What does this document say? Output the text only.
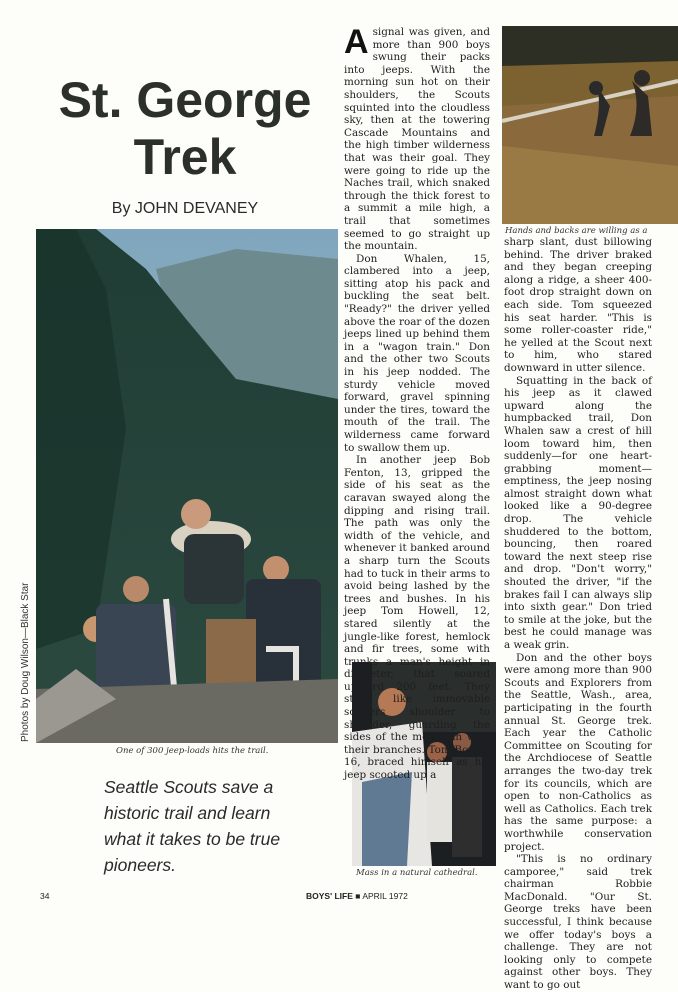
St. George Trek
By JOHN DEVANEY
One of 300 jeep-loads hits the trail.
Photos by Doug Wilson—Black Star
Hands and backs are willing as a
Mass in a natural cathedral.
Seattle Scouts save a historic trail and learn what it takes to be true pioneers.

Asignal was given, and more than 900 boys swung their packs into jeeps. With the morning sun hot on their shoulders, the Scouts squinted into the cloudless sky, then at the towering Cascade Mountains and the high timber wilderness that was their goal. They were going to ride up the Naches trail, which snaked through the thick forest to a summit a mile high, a trail that sometimes seemed to go straight up the mountain.

Don Whalen, 15, clambered into a jeep, sitting atop his pack and buckling the seat belt. "Ready?" the driver yelled above the roar of the dozen jeeps lined up behind them in a "wagon train." Don and the other two Scouts in his jeep nodded. The sturdy vehicle moved forward, gravel spinning under the tires, toward the mouth of the trail. The wilderness came forward to swallow them up.

In another jeep Bob Fenton, 13, gripped the side of his seat as the caravan swayed along the dipping and rising trail. The path was only the width of the vehicle, and whenever it banked around a sharp turn the Scouts had to tuck in their arms to avoid being lashed by the trees and bushes. In his jeep Tom Howell, 12, stared silently at the jungle-like forest, hemlock and fir trees, some with trunks a man's height in diameter, that soared upward 200 feet. They stood like immovable soldiers shoulder to shoulder, guarding the sides of the mountain with their branches. Tom Bowie, 16, braced himself as his jeep scooted up a

sharp slant, dust billowing behind. The driver braked and they began creeping along a ridge, a sheer 400-foot drop straight down on each side. Tom squeezed his seat harder. "This is some roller-coaster ride," he yelled at the Scout next to him, who stared downward in utter silence.

Squatting in the back of his jeep as it clawed upward along the humpbacked trail, Don Whalen saw a crest of hill loom toward him, then suddenly—for one heart-grabbing moment—emptiness, the jeep nosing almost straight down what looked like a 90-degree drop. The vehicle shuddered to the bottom, bouncing, then roared toward the next steep rise and drop. "Don't worry," shouted the driver, "if the brakes fail I can always slip into sixth gear." Don tried to smile at the joke, but the best he could manage was a weak grin.

Don and the other boys were among more than 900 Scouts and Explorers from the Seattle, Wash., area, participating in the fourth annual St. George trek. Each year the Catholic Committee on Scouting for the Archdiocese of Seattle arranges the two-day trek for its councils, which are open to non-Catholics as well as Catholics. Each trek has the same purpose: a worthwhile conservation project.

"This is no ordinary camporee," said trek chairman Robbie MacDonald. "Our St. George treks have been successful, I think because we offer today's boys a challenge. They are not looking only to compete against other boys. They want to go out

34	BOYS' LIFE ■ APRIL 1972
